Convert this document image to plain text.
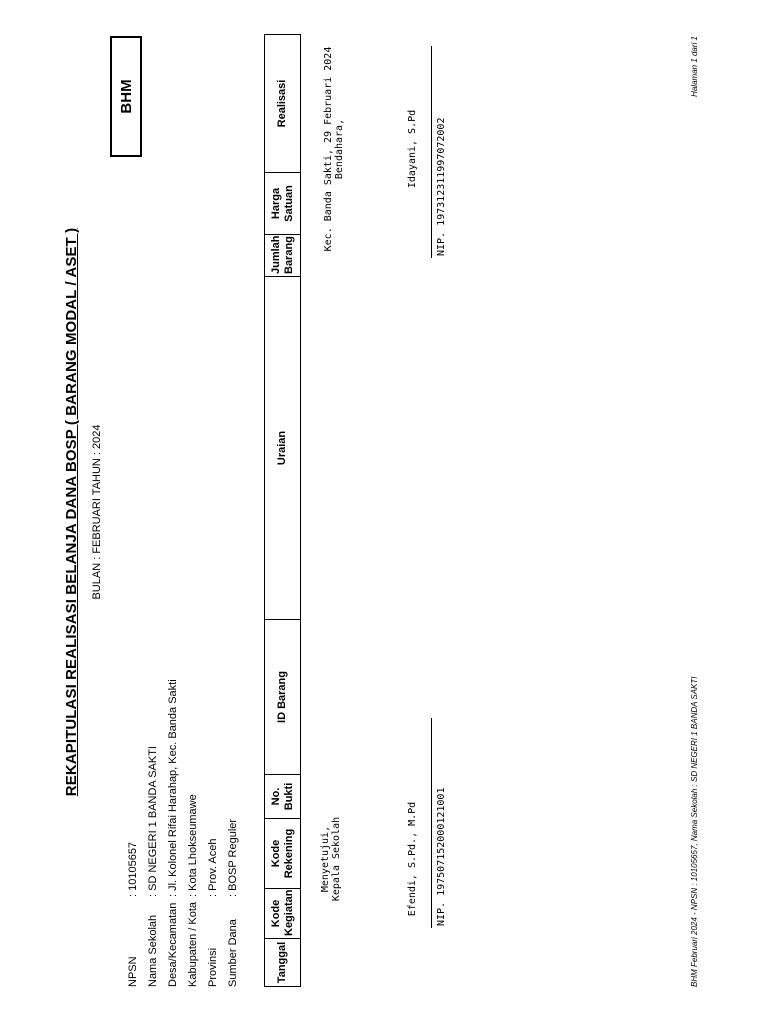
REKAPITULASI REALISASI BELANJA DANA BOSP ( BARANG MODAL / ASET ) BULAN : FEBRUARI TAHUN : 2024
BHM
NPSN
: 10105657
Nama Sekolah
: SD NEGERI 1 BANDA SAKTI
Desa/Kecamatan
: Jl. Kolonel Rifai Harahap, Kec. Banda Sakti
Kabupaten / Kota
: Kota Lhokseumawe
Provinsi
: Prov. Aceh
Sumber Dana
: BOSP Reguler
Tanggal	Kode Kegiatan	Kode Rekening	No. Bukti	ID Barang	Uraian	Jumlah Barang	Harga Satuan	Realisasi
Menyetujui, Kepala Sekolah	Efendi, S.Pd., M.Pd NIP. 197507152000121001
Kec. Banda Sakti, 29 Februari 2024 Bendahara,	Idayani, S.Pd NIP. 197312311997072002
BHM Februari 2024 - NPSN : 10105657, Nama Sekolah : SD NEGERI 1 BANDA SAKTI
Halaman 1 dari 1
